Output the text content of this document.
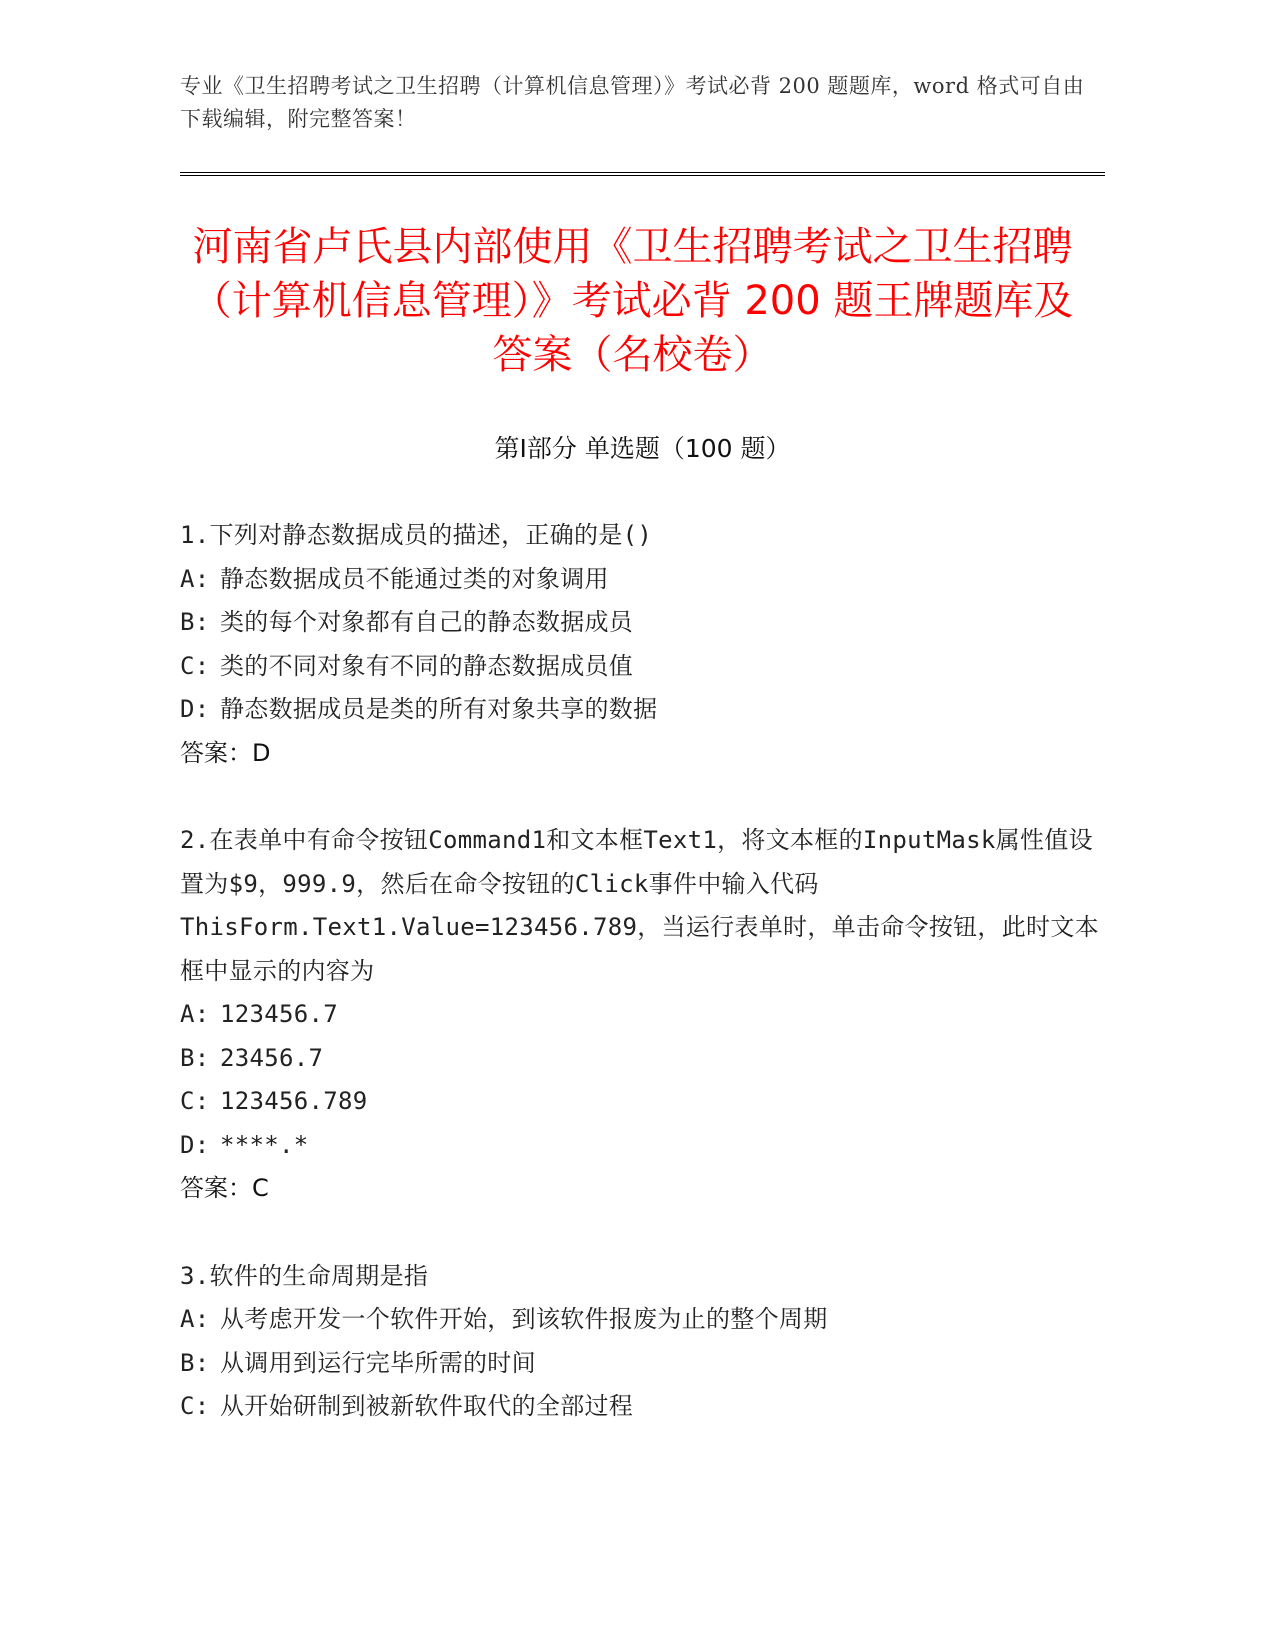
专业《卫生招聘考试之卫生招聘（计算机信息管理）》考试必背 200 题题库，word 格式可自由下载编辑，附完整答案！

河南省卢氏县内部使用《卫生招聘考试之卫生招聘（计算机信息管理）》考试必背 200 题王牌题库及答案（名校卷）
第Ⅰ部分 单选题（100 题）

1.下列对静态数据成员的描述，正确的是()

A: 静态数据成员不能通过类的对象调用

B: 类的每个对象都有自己的静态数据成员

C: 类的不同对象有不同的静态数据成员值

D: 静态数据成员是类的所有对象共享的数据

答案：D

2.在表单中有命令按钮Command1和文本框Text1，将文本框的InputMask属性值设置为$9，999.9，然后在命令按钮的Click事件中输入代码ThisForm.Text1.Value=123456.789，当运行表单时，单击命令按钮，此时文本框中显示的内容为

A: 123456.7

B: 23456.7

C: 123456.789

D: ****.*

答案：C

3.软件的生命周期是指

A: 从考虑开发一个软件开始，到该软件报废为止的整个周期

B: 从调用到运行完毕所需的时间

C: 从开始研制到被新软件取代的全部过程
